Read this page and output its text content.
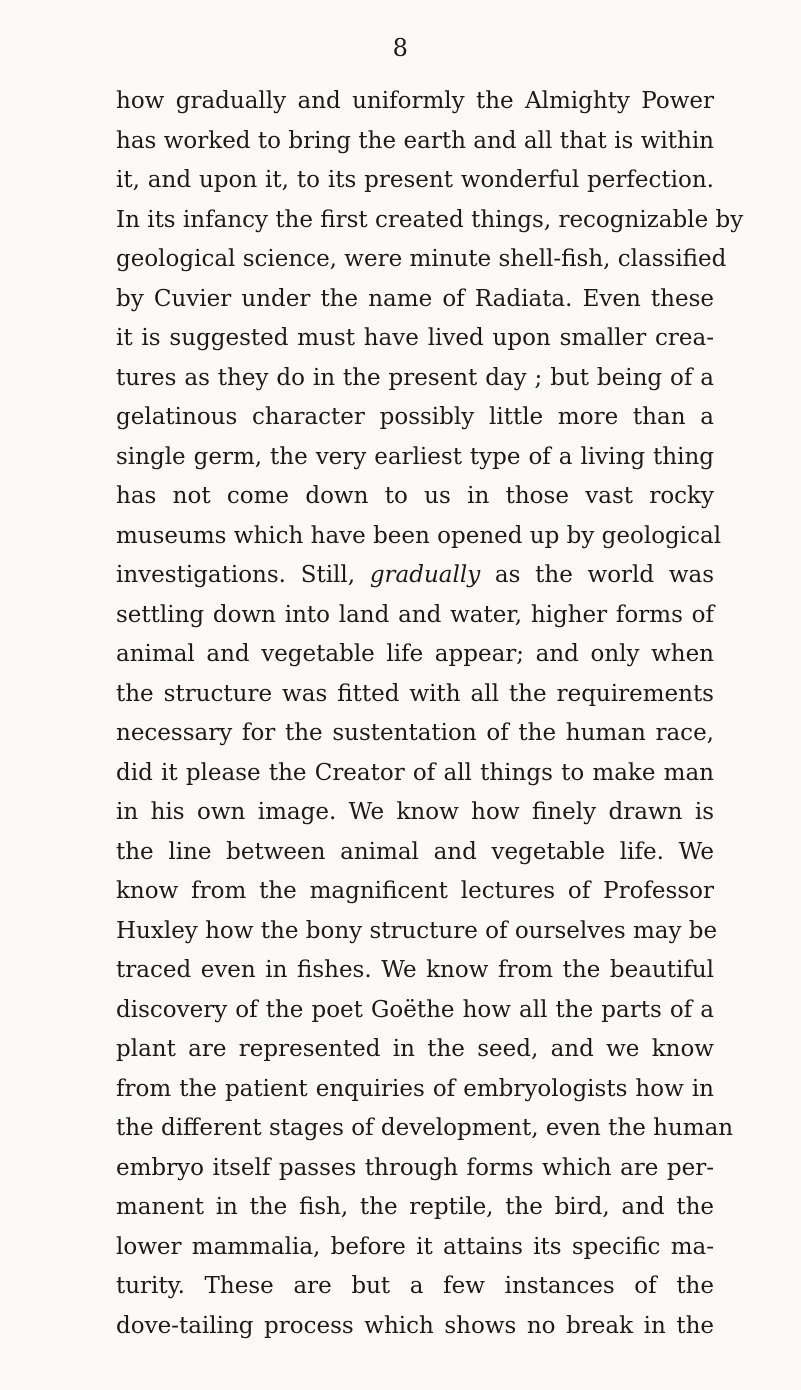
8
how gradually and uniformly the Almighty Power
has worked to bring the earth and all that is within
it, and upon it, to its present wonderful perfection.
In its infancy the first created things, recognizable by
geological science, were minute shell-fish, classified
by Cuvier under the name of Radiata. Even these
it is suggested must have lived upon smaller crea-
tures as they do in the present day ; but being of a
gelatinous character possibly little more than a
single germ, the very earliest type of a living thing
has not come down to us in those vast rocky
museums which have been opened up by geological
investigations. Still, gradually as the world was
settling down into land and water, higher forms of
animal and vegetable life appear; and only when
the structure was fitted with all the requirements
necessary for the sustentation of the human race,
did it please the Creator of all things to make man
in his own image. We know how finely drawn is
the line between animal and vegetable life. We
know from the magnificent lectures of Professor
Huxley how the bony structure of ourselves may be
traced even in fishes. We know from the beautiful
discovery of the poet Goëthe how all the parts of a
plant are represented in the seed, and we know
from the patient enquiries of embryologists how in
the different stages of development, even the human
embryo itself passes through forms which are per-
manent in the fish, the reptile, the bird, and the
lower mammalia, before it attains its specific ma-
turity. These are but a few instances of the
dove-tailing process which shows no break in the
